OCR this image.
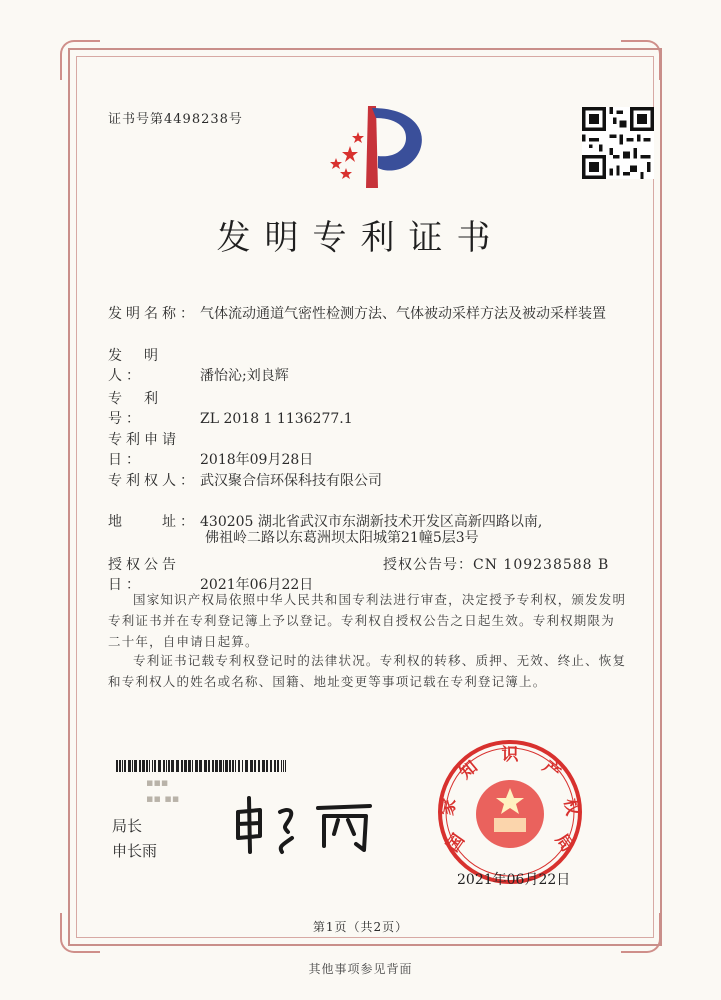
证书号第4498238号
发明专利证书
发明名称： 气体流动通道气密性检测方法、气体被动采样方法及被动采样装置
发　明　人：	潘怡沁;刘良辉
专　利　号：	ZL 2018 1 1136277.1
专利申请日：	2018年09月28日
专利权人： 武汉聚合信环保科技有限公司
地　　址： 430205 湖北省武汉市东湖新技术开发区高新四路以南,
佛祖岭二路以东葛洲坝太阳城第21幢5层3号
授权公告日：	2021年06月22日
授权公告号：CN 109238588 B
国家知识产权局依照中华人民共和国专利法进行审查，决定授予专利权，颁发发明专利证书并在专利登记簿上予以登记。专利权自授权公告之日起生效。专利权期限为二十年，自申请日起算。
专利证书记载专利权登记时的法律状况。专利权的转移、质押、无效、终止、恢复和专利权人的姓名或名称、国籍、地址变更等事项记载在专利登记簿上。
▪▪▪
▪▪ ▪▪
局长
申长雨	国
家
知
识
产
权
局
2021年06月22日
第1页（共2页）
其他事项参见背面
